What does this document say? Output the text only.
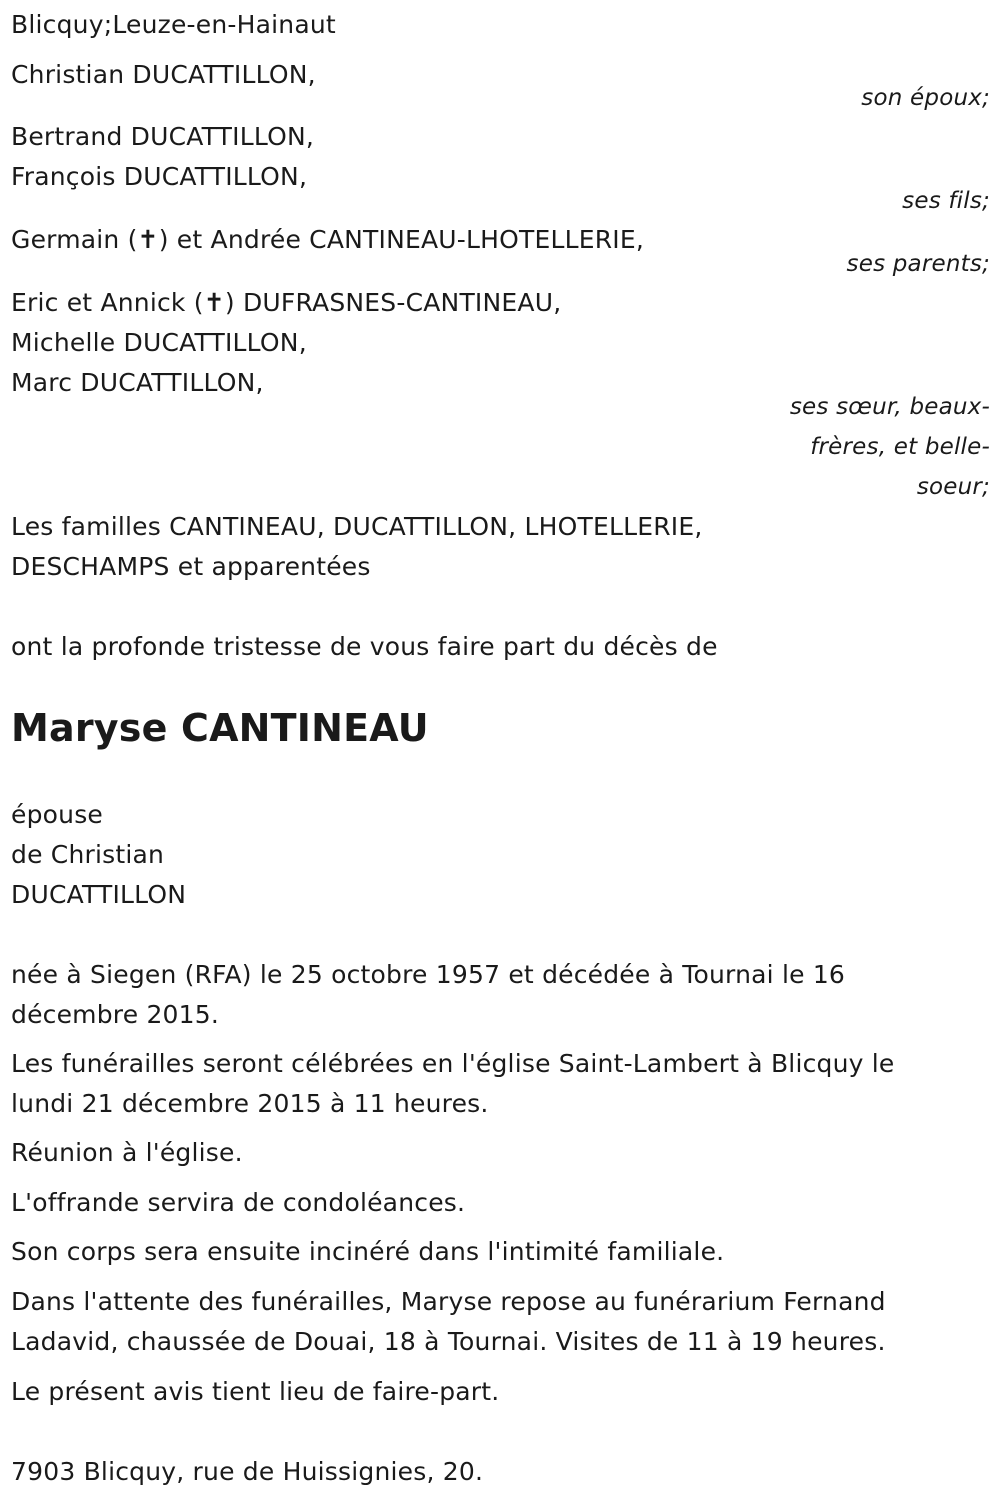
Blicquy;Leuze-en-Hainaut
Christian DUCATTILLON,
son époux;
Bertrand DUCATTILLON,
François DUCATTILLON,
ses fils;
Germain (✝) et Andrée CANTINEAU-LHOTELLERIE,
ses parents;
Eric et Annick (✝) DUFRASNES-CANTINEAU,
Michelle DUCATTILLON,
Marc DUCATTILLON,
ses sœur, beaux-
frères, et belle-
soeur;
Les familles CANTINEAU, DUCATTILLON, LHOTELLERIE,
DESCHAMPS et apparentées
ont la profonde tristesse de vous faire part du décès de
Maryse CANTINEAU
épouse
de Christian
DUCATTILLON
née à Siegen (RFA) le 25 octobre 1957 et décédée à Tournai le 16
décembre 2015.
Les funérailles seront célébrées en l'église Saint-Lambert à Blicquy le
lundi 21 décembre 2015 à 11 heures.
Réunion à l'église.
L'offrande servira de condoléances.
Son corps sera ensuite incinéré dans l'intimité familiale.
Dans l'attente des funérailles, Maryse repose au funérarium Fernand
Ladavid, chaussée de Douai, 18 à Tournai. Visites de 11 à 19 heures.
Le présent avis tient lieu de faire-part.
7903 Blicquy, rue de Huissignies, 20.
